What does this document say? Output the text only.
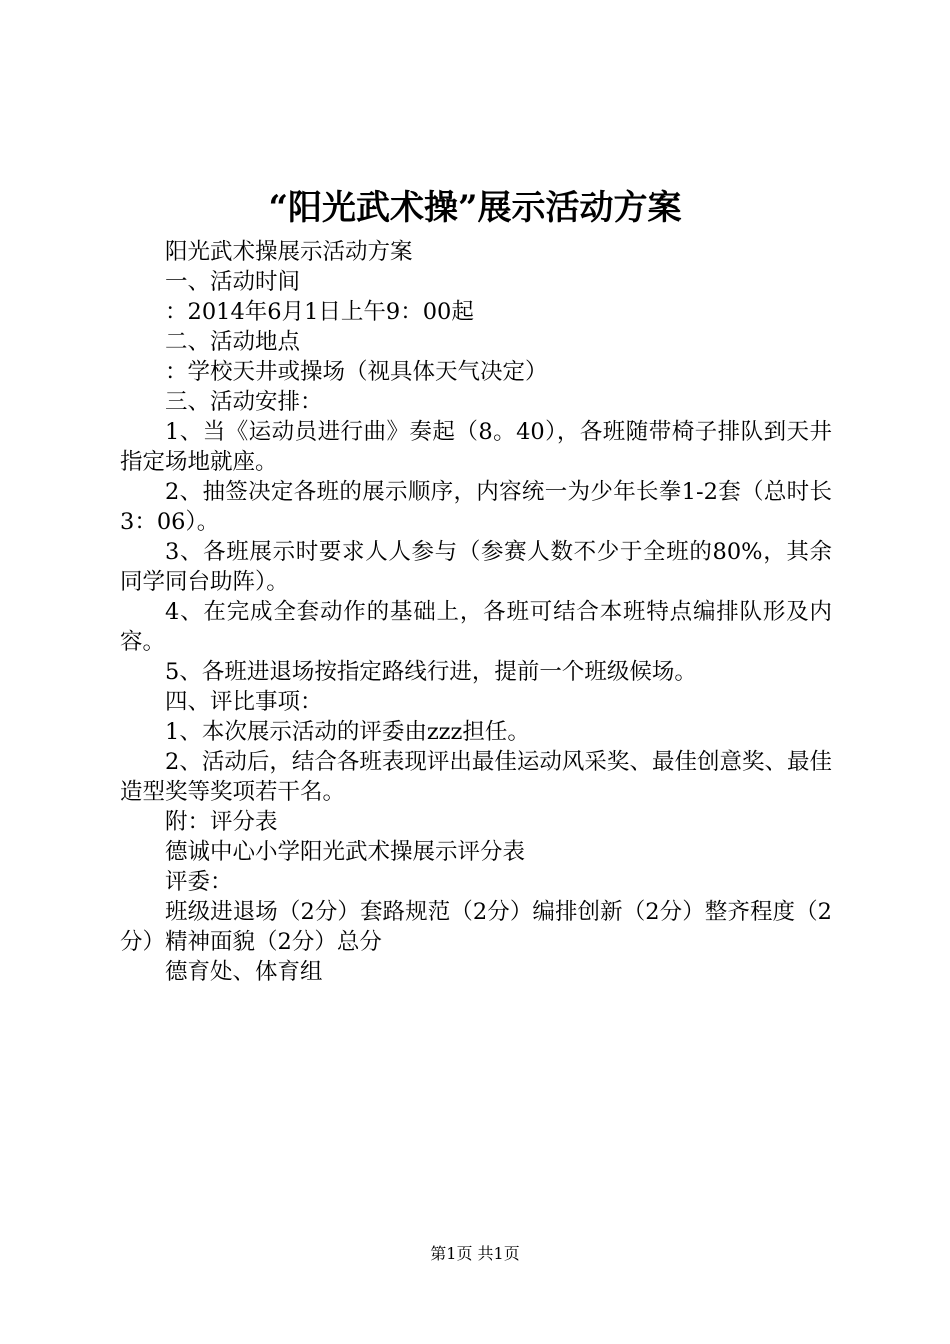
“阳光武术操”展示活动方案

阳光武术操展示活动方案

一、活动时间

：2014年6月1日上午9：00起

二、活动地点

：学校天井或操场（视具体天气决定）

三、活动安排：

1、当《运动员进行曲》奏起（8。40），各班随带椅子排队到天井指定场地就座。

2、抽签决定各班的展示顺序，内容统一为少年长拳1-2套（总时长3：06）。

3、各班展示时要求人人参与（参赛人数不少于全班的80%，其余同学同台助阵）。

4、在完成全套动作的基础上，各班可结合本班特点编排队形及内容。

5、各班进退场按指定路线行进，提前一个班级候场。

四、评比事项：

1、本次展示活动的评委由zzz担任。

2、活动后，结合各班表现评出最佳运动风采奖、最佳创意奖、最佳造型奖等奖项若干名。

附：评分表

德诚中心小学阳光武术操展示评分表

评委：

班级进退场（2分）套路规范（2分）编排创新（2分）整齐程度（2分）精神面貌（2分）总分

德育处、体育组

第1页 共1页
